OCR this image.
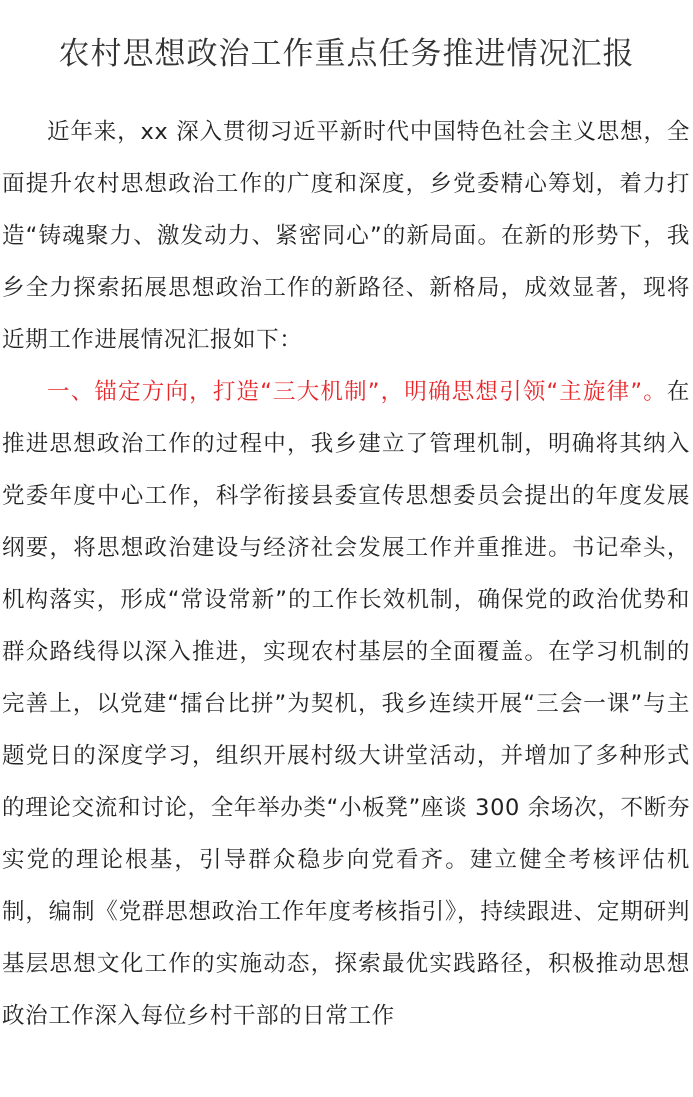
农村思想政治工作重点任务推进情况汇报

近年来，xx 深入贯彻习近平新时代中国特色社会主义思想，全面提升农村思想政治工作的广度和深度，乡党委精心筹划，着力打造“铸魂聚力、激发动力、紧密同心”的新局面。在新的形势下，我乡全力探索拓展思想政治工作的新路径、新格局，成效显著，现将近期工作进展情况汇报如下：

一、锚定方向，打造“三大机制”，明确思想引领“主旋律”。在推进思想政治工作的过程中，我乡建立了管理机制，明确将其纳入党委年度中心工作，科学衔接县委宣传思想委员会提出的年度发展纲要，将思想政治建设与经济社会发展工作并重推进。书记牵头，机构落实，形成“常设常新”的工作长效机制，确保党的政治优势和群众路线得以深入推进，实现农村基层的全面覆盖。在学习机制的完善上，以党建“擂台比拼”为契机，我乡连续开展“三会一课”与主题党日的深度学习，组织开展村级大讲堂活动，并增加了多种形式的理论交流和讨论，全年举办类“小板凳”座谈 300 余场次，不断夯实党的理论根基，引导群众稳步向党看齐。建立健全考核评估机制，编制《党群思想政治工作年度考核指引》，持续跟进、定期研判基层思想文化工作的实施动态，探索最优实践路径，积极推动思想政治工作深入每位乡村干部的日常工作
